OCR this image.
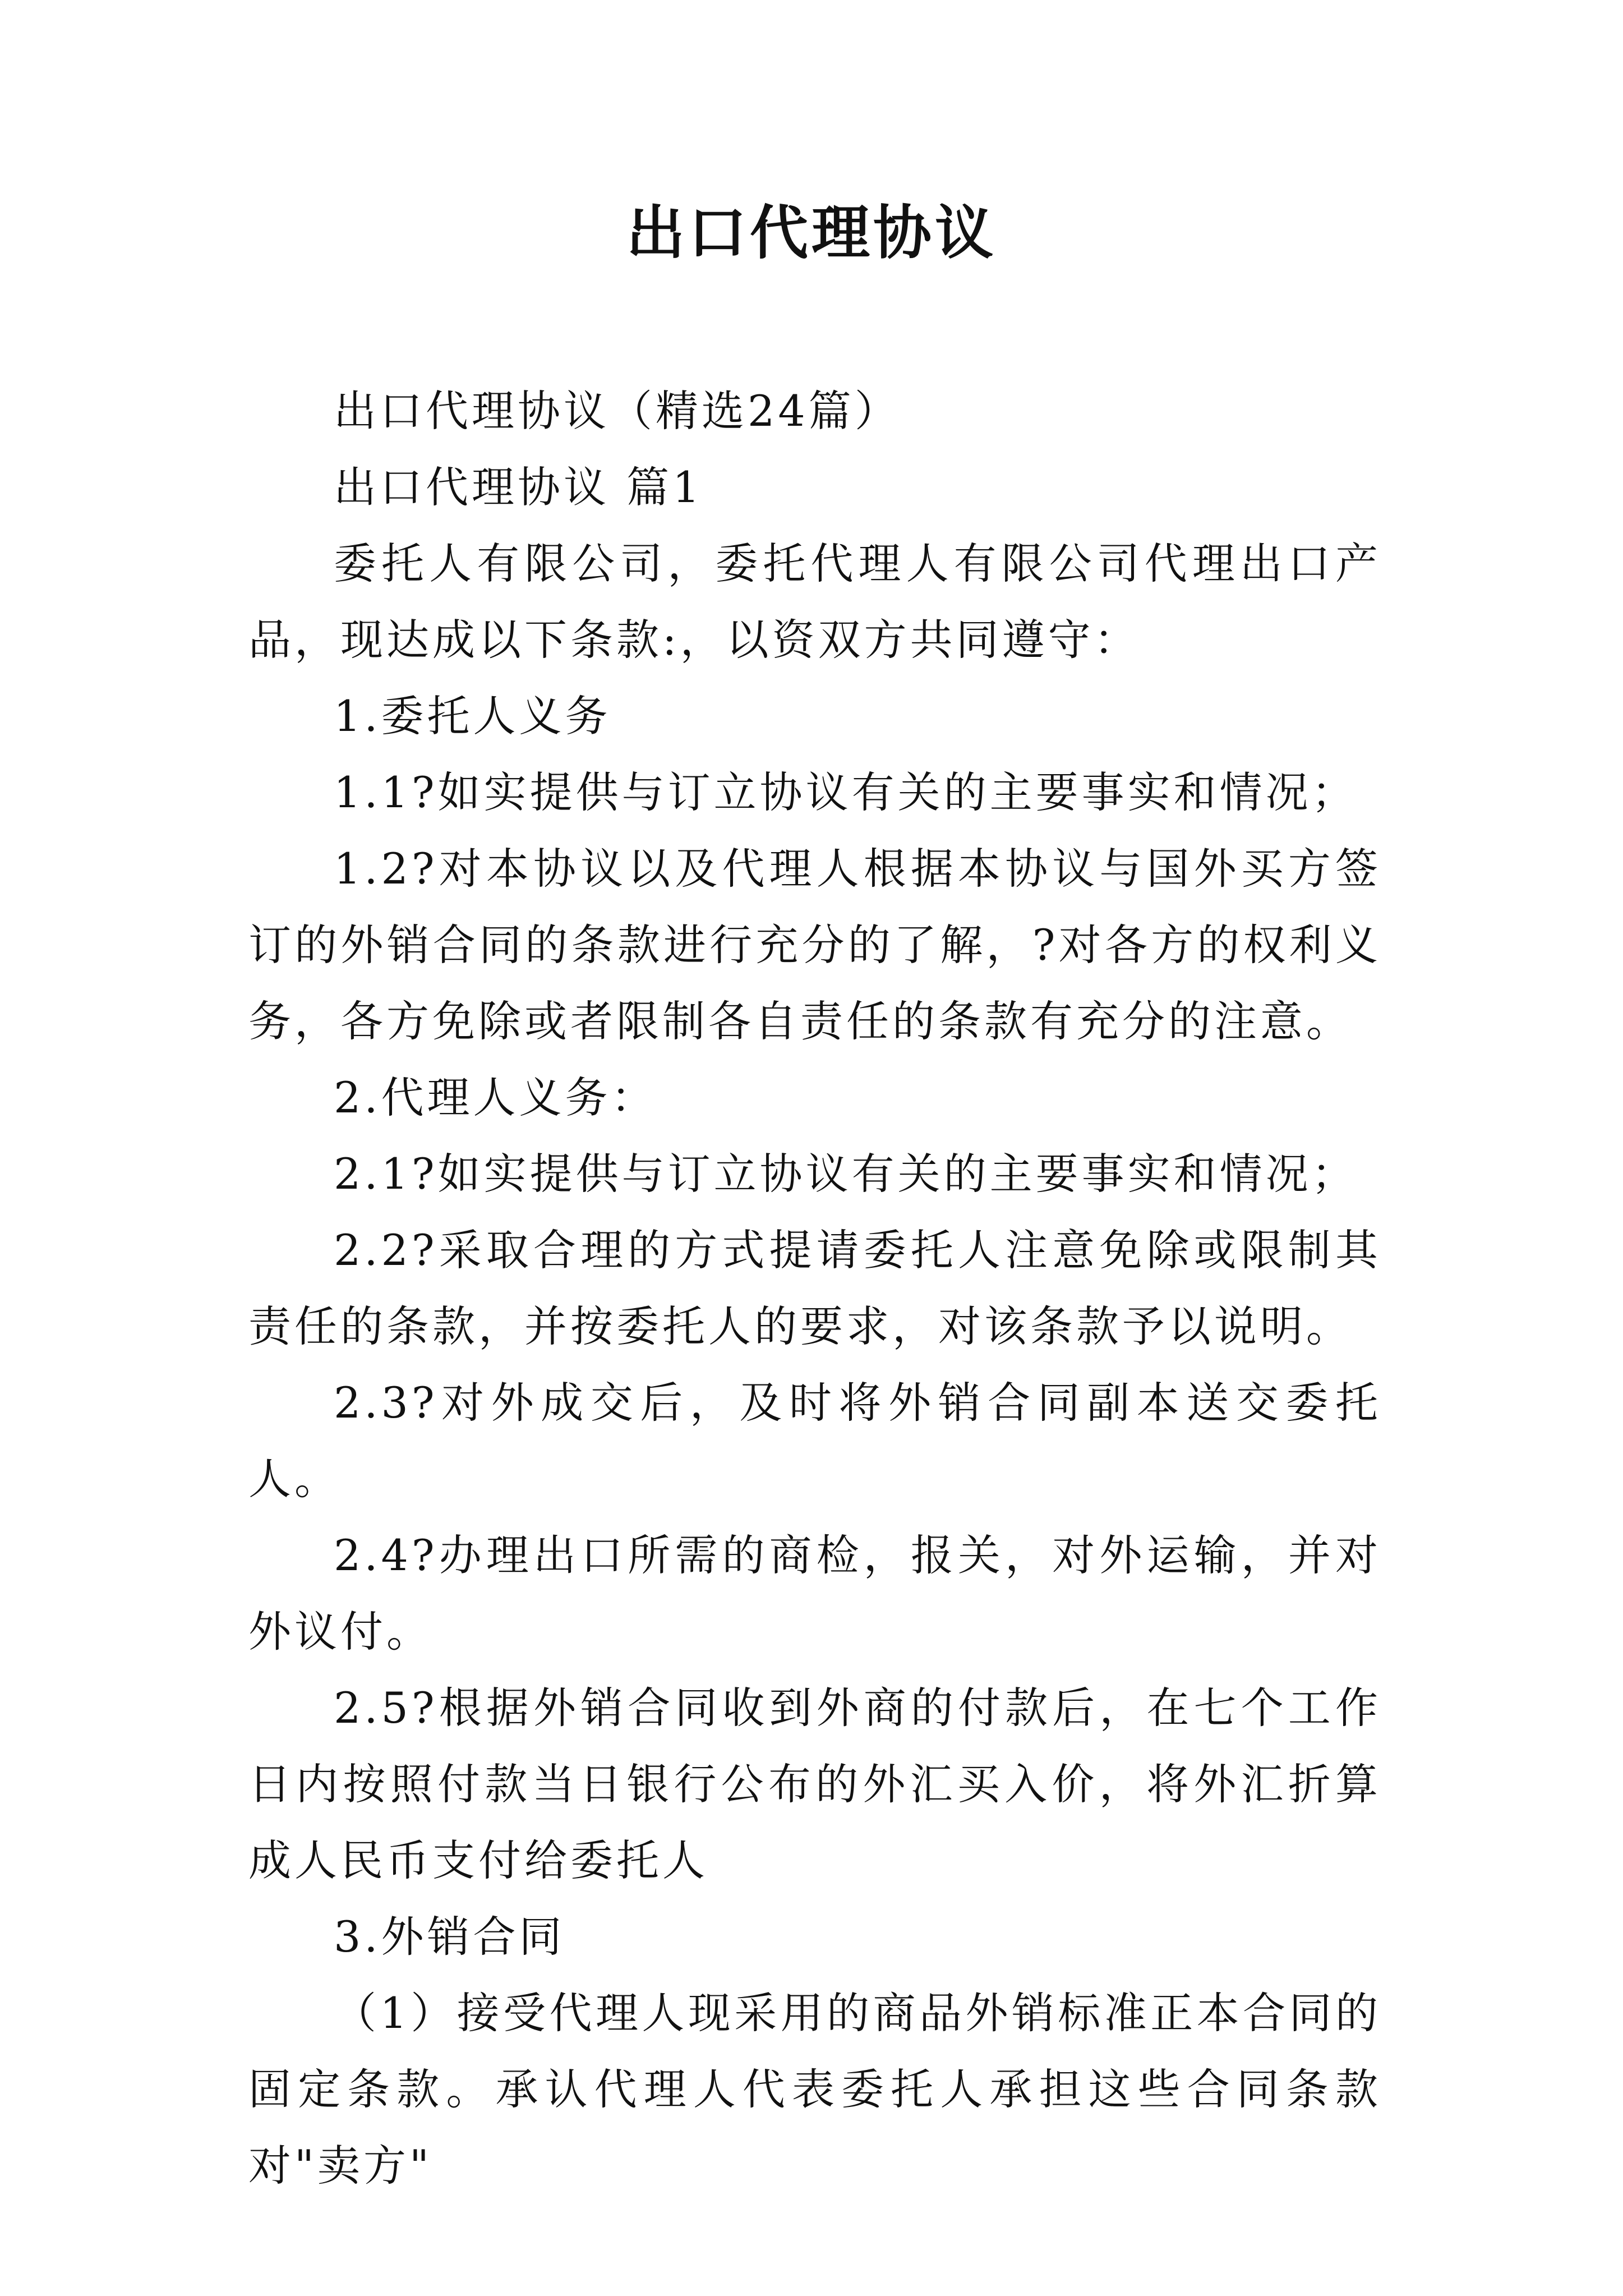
出口代理协议

出口代理协议（精选24篇）

出口代理协议 篇1

委托人有限公司，委托代理人有限公司代理出口产品，现达成以下条款:，以资双方共同遵守：

1.委托人义务

1.1?如实提供与订立协议有关的主要事实和情况；

1.2?对本协议以及代理人根据本协议与国外买方签订的外销合同的条款进行充分的了解，?对各方的权利义务，各方免除或者限制各自责任的条款有充分的注意。

2.代理人义务：

2.1?如实提供与订立协议有关的主要事实和情况；

2.2?采取合理的方式提请委托人注意免除或限制其责任的条款，并按委托人的要求，对该条款予以说明。

2.3?对外成交后，及时将外销合同副本送交委托人。

2.4?办理出口所需的商检，报关，对外运输，并对外议付。

2.5?根据外销合同收到外商的付款后，在七个工作日内按照付款当日银行公布的外汇买入价，将外汇折算成人民币支付给委托人

3.外销合同

（1）接受代理人现采用的商品外销标准正本合同的固定条款。承认代理人代表委托人承担这些合同条款对"卖方"
